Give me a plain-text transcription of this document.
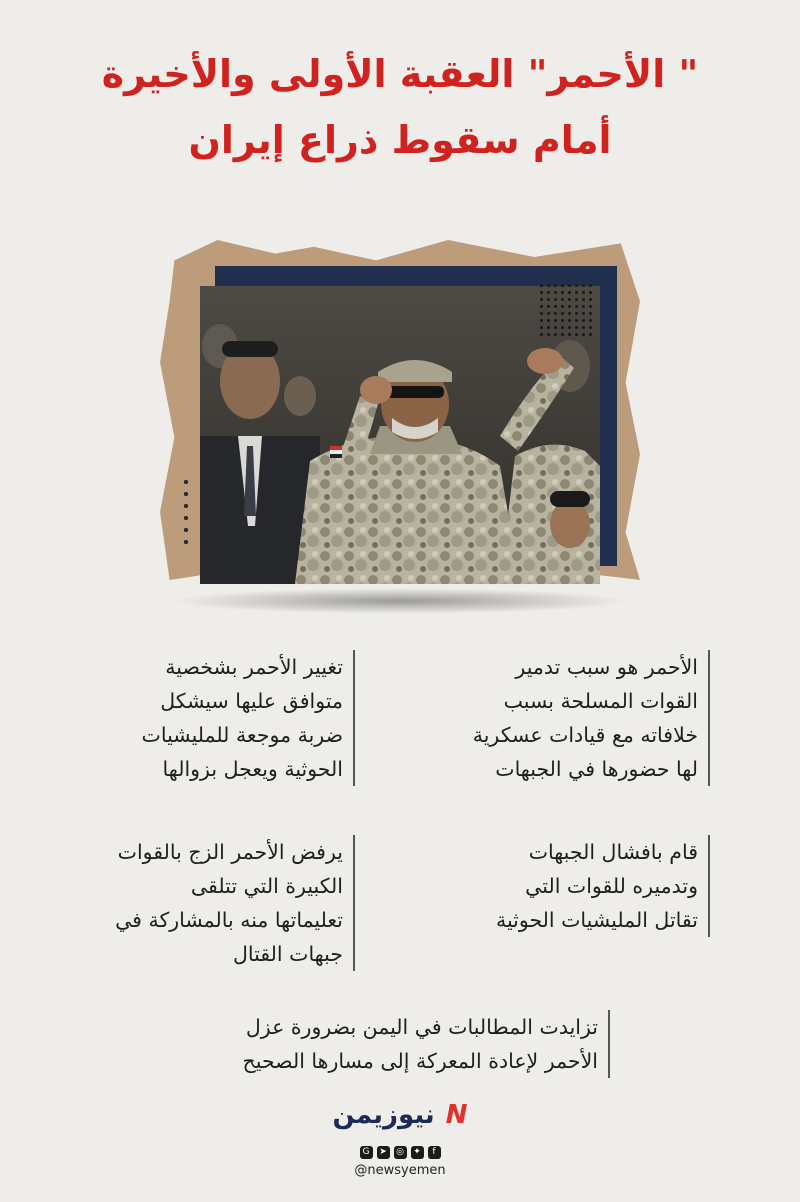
" الأحمر" العقبة الأولى والأخيرة
أمام سقوط ذراع إيران
الأحمر هو سبب تدمير
القوات المسلحة بسبب
خلافاته مع قيادات عسكرية
لها حضورها في الجبهات
تغيير الأحمر بشخصية
متوافق عليها سيشكل
ضربة موجعة للمليشيات
الحوثية ويعجل بزوالها
قام بافشال الجبهات
وتدميره للقوات التي
تقاتل المليشيات الحوثية
يرفض الأحمر الزج بالقوات
الكبيرة التي تتلقى
تعليماتها منه بالمشاركة في
جبهات القتال
تزايدت المطالبات في اليمن بضرورة عزل
الأحمر لإعادة المعركة إلى مسارها الصحيح
N نيوزيمن
G ➤ ◎ ✦ f
@newsyemen
